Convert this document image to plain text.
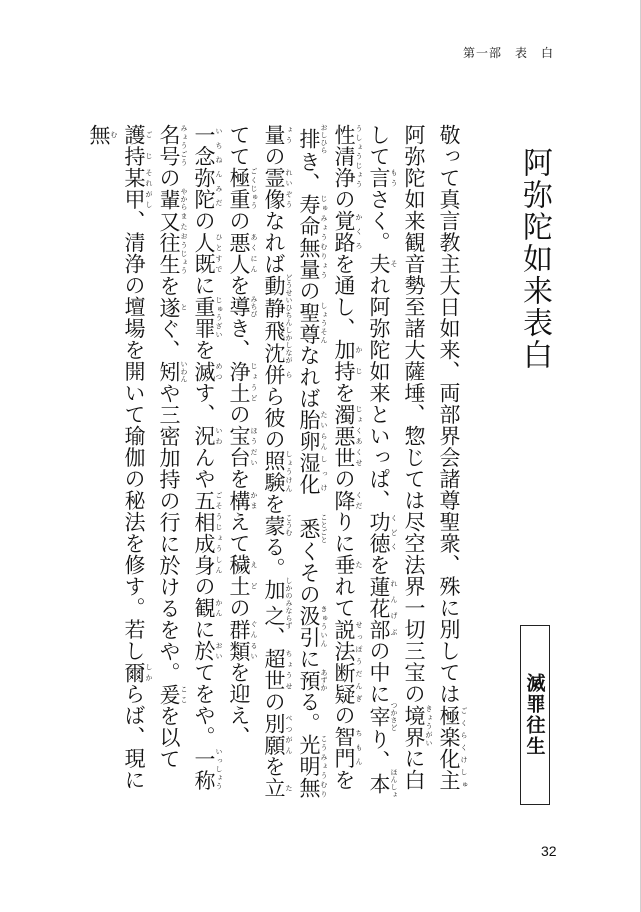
第一部　表　白
阿弥陀如来表白

敬って真言教主大日如来、両部界会諸尊聖衆、殊に別しては極楽化主 ごくらくけしゅ阿弥陀如来観音勢至諸大薩埵、惣じては尽空法界一切三宝の境界 きょうがいに白して言 もうさく。夫 それ阿弥陀如来といっぱ、功徳 くどくを蓮花部 れんげぶの中に宰 つかさどり、本性清浄ほんしょうしょうじょうの覚路 かくろを通し、加持 かじを濁悪世 じょくあくせの降 くだりに垂 たれて説法断疑 せっぽうだんぎの智門 ちもんを排 おしひらき、寿命無量 じゅみょうむりょうの聖尊 しょうそんなれば胎卵 たいらん湿化 しっけ　悉 ことごとくその汲引 きゅういんに預 あずかる。光明無量こうみょうむりょうの霊像 れいぞうなれば動静飛沈 どうせいひちんしかしなが併 らら彼の照験 しょうけんを蒙 こうむる。加之 しかのみならず、超世 ちょうせの別願 べつがんを立 たてて極重 ごくじゅうの悪人 あくにんを導 みちびき、浄土 じょうどの宝台 ほうだいを構 かまえて穢土 えどの群類 ぐんるいを迎え、一念弥陀 いちねんみだの人 ひと既 すでに重罪 じゅうざいを滅 めつす、況 いわんや五相成身 ごそうじょうしんの観 かんに於 おいてをや。一称 いっしょう名号 みょうごうの輩 やから又 また往生 おうじょうを遂 とぐ、矧 いわんや三密加持の行に於けるをや。爰 ここを以て護持 ごじ某甲 それがし、清浄の壇場を開いて瑜伽の秘法を修す。若し爾 しからば、現に無 む

滅罪往生
32
